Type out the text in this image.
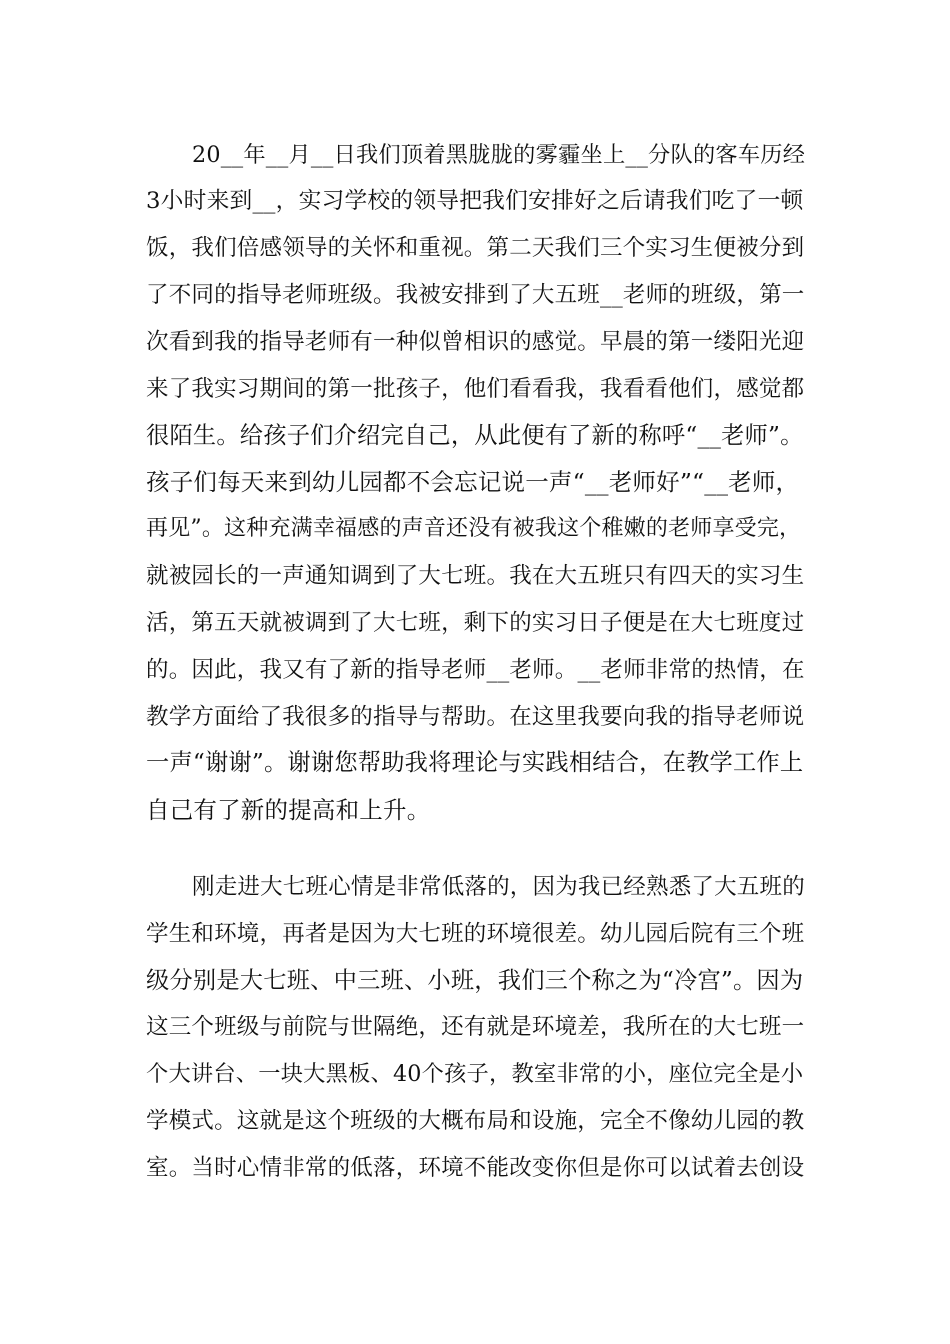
20__年__月__日我们顶着黑胧胧的雾霾坐上__分队的客车历经
3小时来到__，实习学校的领导把我们安排好之后请我们吃了一顿
饭，我们倍感领导的关怀和重视。第二天我们三个实习生便被分到
了不同的指导老师班级。我被安排到了大五班__老师的班级，第一
次看到我的指导老师有一种似曾相识的感觉。早晨的第一缕阳光迎
来了我实习期间的第一批孩子，他们看看我，我看看他们，感觉都
很陌生。给孩子们介绍完自己，从此便有了新的称呼“__老师”。
孩子们每天来到幼儿园都不会忘记说一声“__老师好”“__老师，
再见”。这种充满幸福感的声音还没有被我这个稚嫩的老师享受完，
就被园长的一声通知调到了大七班。我在大五班只有四天的实习生
活，第五天就被调到了大七班，剩下的实习日子便是在大七班度过
的。因此，我又有了新的指导老师__老师。__老师非常的热情，在
教学方面给了我很多的指导与帮助。在这里我要向我的指导老师说
一声“谢谢”。谢谢您帮助我将理论与实践相结合，在教学工作上
自己有了新的提高和上升。
刚走进大七班心情是非常低落的，因为我已经熟悉了大五班的
学生和环境，再者是因为大七班的环境很差。幼儿园后院有三个班
级分别是大七班、中三班、小班，我们三个称之为“冷宫”。因为
这三个班级与前院与世隔绝，还有就是环境差，我所在的大七班一
个大讲台、一块大黑板、40个孩子，教室非常的小，座位完全是小
学模式。这就是这个班级的大概布局和设施，完全不像幼儿园的教
室。当时心情非常的低落，环境不能改变你但是你可以试着去创设
